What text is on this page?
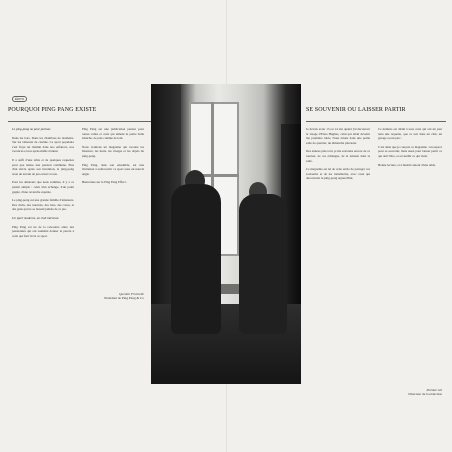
ÉDITO
POURQUOI PING PANG EXISTE

Le ping-pong ou pour partout.

Dans les bars. Dans les chambres de résidents. Sur les tableaux de cantine. Ce sport populaire s'est frayé un chemin dans nos enfances, nos vacances et nos après-midis d'ennui.

Il a suffi d'une table et de quelques raquettes pour que naisse une passion commune. Plus d'un siècle après son invention, le ping-pong reste un terrain de jeu ouvert à tous.

Pour les amateurs que nous sommes, il y a ce plaisir simple : celui d'un échange, d'un point gagné, d'une revanche espérée.

Le ping-pong est une grande famille d'amateurs. Des clubs, des tournois, des bars, des caves, et des gens qui ne se lassent jamais de ce jeu.

Un sport moderne, un club intéressé.

Ping Pang est né de la rencontre entre des passionnés qui ont souhaité donner la parole à ceux qui font vivre ce sport.

Ping Pang est une publication pensée pour toutes celles et ceux qui aiment la petite balle blanche, de près comme de loin.

Nous voulions un magazine qui raconte les histoires, les lieux, les visages et les objets du ping-pong.

Ping Pang, dans son ensemble, est une invitation à redécouvrir ce sport sous un nouvel angle.

Bienvenue sur le Ping Pang Effect.

Quentin Fruchelle
Président de Ping Pang & Co
SE SOUVENIR OU LAISSER PARTIR

Je devais avoir 13 ou 14 ans quand j'ai découvert le visage d'Enzo Hughes, celui qui allait devenir ma première idole. Nous étions dans une petite salle de quartier, un dimanche pluvieux.

Des années plus tard, je me souviens encore de ce tournoi, de ces échanges, de la tension dans la salle.

Ce magazine est né de cette envie de partager ces souvenirs et de les transmettre, avec ceux qui découvrent le ping-pong aujourd'hui.

Ce numéro est dédié à tous ceux qui ont un jour tenu une raquette, que ce soit dans un club, un garage ou un parc.

C'est ainsi que je conçois ce magazine : un espace pour se souvenir, mais aussi pour laisser partir ce qui doit l'être, et accueillir ce qui vient.

Bonne lecture, et à bientôt autour d'une table.

Jérémie Gil
Directeur de la rédaction
